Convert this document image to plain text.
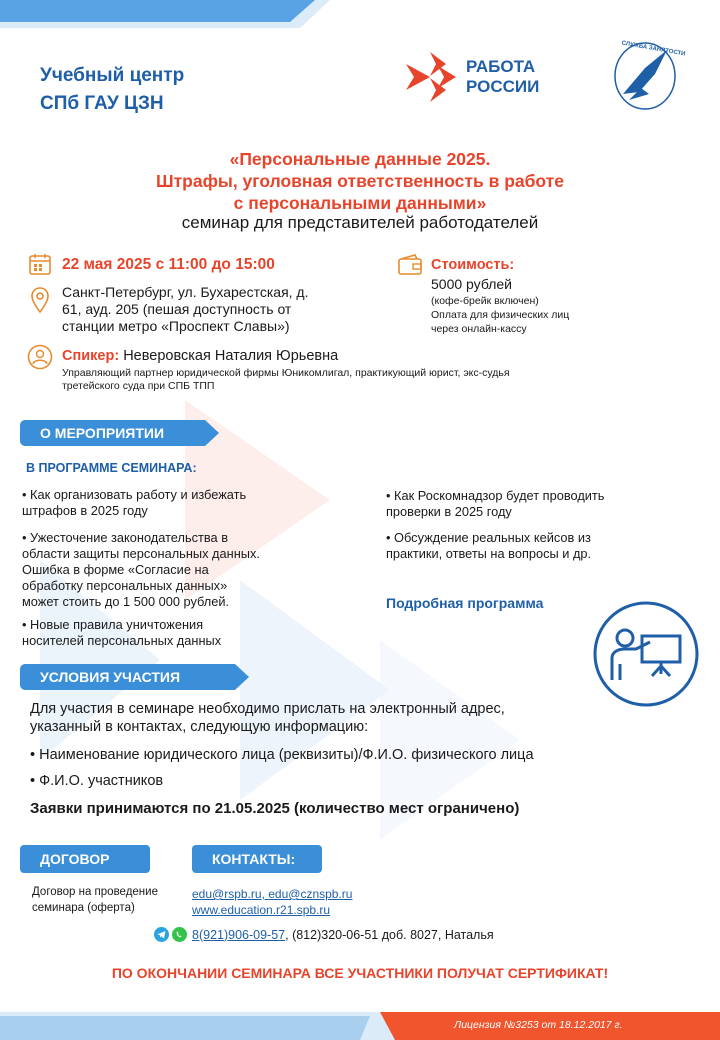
Учебный центр
СПб ГАУ ЦЗН
РАБОТА
РОССИИ
СЛУЖБА ЗАНЯТОСТИ
«Персональные данные 2025.
Штрафы, уголовная ответственность в работе
с персональными данными»
семинар для представителей работодателей
22 мая 2025 с 11:00 до 15:00
Санкт-Петербург, ул. Бухарестская, д.
61, ауд. 205 (пешая доступность от
станции метро «Проспект Славы»)
Стоимость:
5000 рублей
(кофе-брейк включен)
Оплата для физических лиц
через онлайн-кассу
Спикер: Неверовская Наталия Юрьевна
Управляющий партнер юридической фирмы Юникомлигал, практикующий юрист, экс-судья
третейского суда при СПБ ТПП
О МЕРОПРИЯТИИ
В ПРОГРАММЕ СЕМИНАРА:
• Как организовать работу и избежать
штрафов в 2025 году
• Ужесточение законодательства в
области защиты персональных данных.
Ошибка в форме «Согласие на
обработку персональных данных»
может стоить до 1 500 000 рублей.
• Новые правила уничтожения
носителей персональных данных
• Как Роскомнадзор будет проводить
проверки в 2025 году
• Обсуждение реальных кейсов из
практики, ответы на вопросы и др.
Подробная программа
УСЛОВИЯ УЧАСТИЯ
Для участия в семинаре необходимо прислать на электронный адрес,
указанный в контактах, следующую информацию:
• Наименование юридического лица (реквизиты)/Ф.И.О. физического лица
• Ф.И.О. участников
Заявки принимаются по 21.05.2025 (количество мест ограничено)
ДОГОВОР
Договор на проведение
семинара (оферта)
КОНТАКТЫ:
edu@rspb.ru, edu@cznspb.ru
www.education.r21.spb.ru
8(921)906-09-57, (812)320-06-51 доб. 8027, Наталья
ПО ОКОНЧАНИИ СЕМИНАРА ВСЕ УЧАСТНИКИ ПОЛУЧАТ СЕРТИФИКАТ!
Лицензия №3253 от 18.12.2017 г.
